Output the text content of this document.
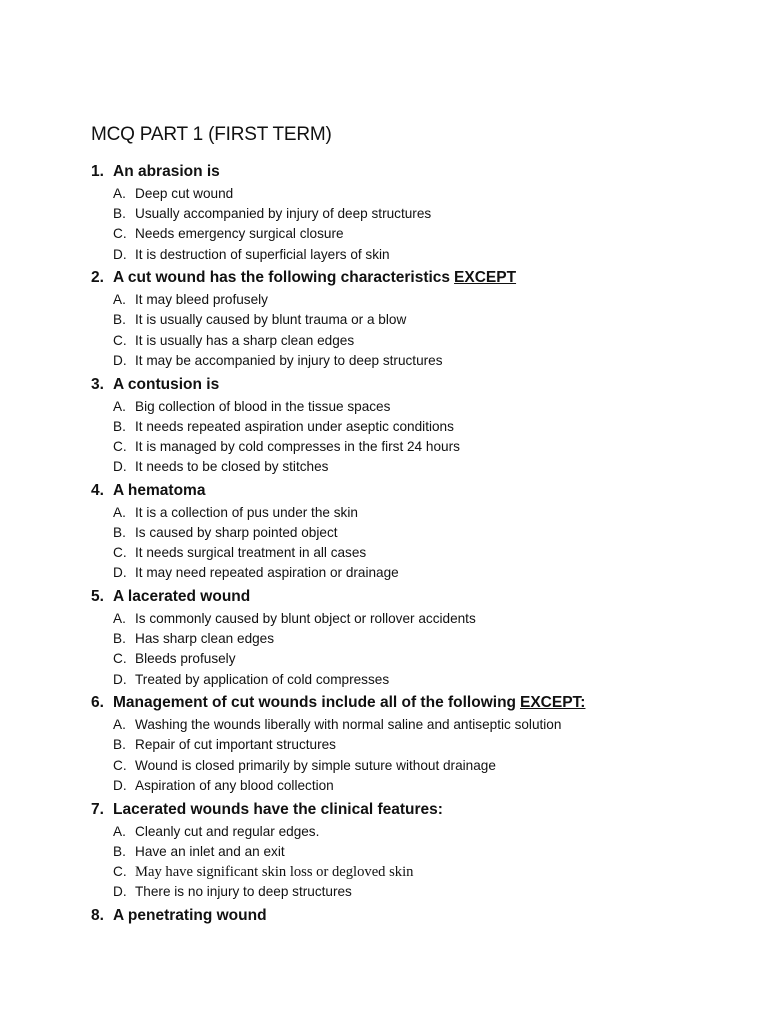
MCQ PART 1 (FIRST TERM)
1. An abrasion is
A. Deep cut wound
B. Usually accompanied by injury of deep structures
C. Needs emergency surgical closure
D. It is destruction of superficial layers of skin
2. A cut wound has the following characteristics EXCEPT
A. It may bleed profusely
B. It is usually caused by blunt trauma or a blow
C. It is usually has a sharp clean edges
D. It may be accompanied by injury to deep structures
3. A contusion is
A. Big collection of blood in the tissue spaces
B. It needs repeated aspiration under aseptic conditions
C. It is managed by cold compresses in the first 24 hours
D. It needs to be closed by stitches
4. A hematoma
A. It is a collection of pus under the skin
B. Is caused by sharp pointed object
C. It needs surgical treatment in all cases
D. It may need repeated aspiration or drainage
5. A lacerated wound
A. Is commonly caused by blunt object or rollover accidents
B. Has sharp clean edges
C. Bleeds profusely
D. Treated by application of cold compresses
6. Management of cut wounds include all of the following EXCEPT:
A. Washing the wounds liberally with normal saline and antiseptic solution
B. Repair of cut important structures
C. Wound is closed primarily by simple suture without drainage
D. Aspiration of any blood collection
7. Lacerated wounds have the clinical features:
A. Cleanly cut and regular edges.
B. Have an inlet and an exit
C. May have significant skin loss or degloved skin
D. There is no injury to deep structures
8. A penetrating wound
